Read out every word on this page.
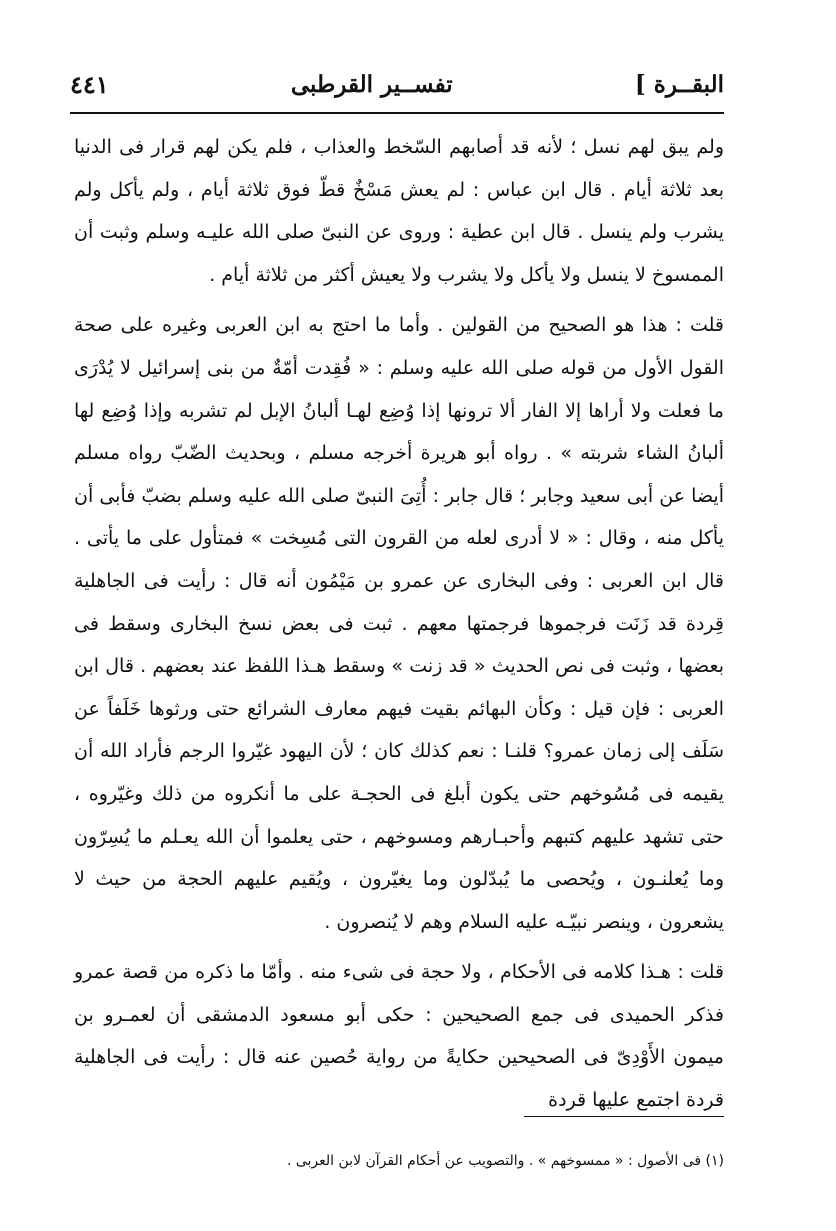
البقــرة ]
تفســير القرطبى
٤٤١

ولم يبق لهم نسل ؛ لأنه قد أصابهم السّخط والعذاب ، فلم يكن لهم قرار فى الدنيا بعد ثلاثة أيام . قال ابن عباس : لم يعش مَسْخٌ قطّ فوق ثلاثة أيام ، ولم يأكل ولم يشرب ولم ينسل . قال ابن عطية : وروى عن النبىّ صلى الله عليـه وسلم وثبت أن الممسوخ لا ينسل ولا يأكل ولا يشرب ولا يعيش أكثر من ثلاثة أيام .

قلت : هذا هو الصحيح من القولين . وأما ما احتج به ابن العربى وغيره على صحة القول الأول من قوله صلى الله عليه وسلم : « فُقِدت أمّةٌ من بنى إسرائيل لا يُدْرَى ما فعلت ولا أراها إلا الفار ألا ترونها إذا وُضِع لهـا ألبانُ الإبل لم تشربه وإذا وُضِع لها ألبانُ الشاء شربته » . رواه أبو هريرة أخرجه مسلم ، وبحديث الضّبّ رواه مسلم أيضا عن أبى سعيد وجابر ؛ قال جابر : أُتِىَ النبىّ صلى الله عليه وسلم بضبّ فأبى أن يأكل منه ، وقال : « لا أدرى لعله من القرون التى مُسِخت » فمتأول على ما يأتى . قال ابن العربى : وفى البخارى عن عمرو بن مَيْمُون أنه قال : رأيت فى الجاهلية قِردة قد زَنَت فرجموها فرجمتها معهم . ثبت فى بعض نسخ البخارى وسقط فى بعضها ، وثبت فى نص الحديث « قد زنت » وسقط هـذا اللفظ عند بعضهم . قال ابن العربى : فإن قيل : وكأن البهائم بقيت فيهم معارف الشرائع حتى ورثوها خَلَفاً عن سَلَف إلى زمان عمرو؟ قلنـا : نعم كذلك كان ؛ لأن اليهود غيّروا الرجم فأراد الله أن يقيمه فى مُسُوخهم حتى يكون أبلغ فى الحجـة على ما أنكروه من ذلك وغيّروه ، حتى تشهد عليهم كتبهم وأحبـارهم ومسوخهم ، حتى يعلموا أن الله يعـلم ما يُسِرّون وما يُعلنـون ، ويُحصى ما يُبدّلون وما يغيّرون ، ويُقيم عليهم الحجة من حيث لا يشعرون ، وينصر نبيّـه عليه السلام وهم لا يُنصرون .

قلت : هـذا كلامه فى الأحكام ، ولا حجة فى شىء منه . وأمّا ما ذكره من قصة عمرو فذكر الحميدى فى جمع الصحيحين : حكى أبو مسعود الدمشقى أن لعمـرو بن ميمون الأَوْدِىّ فى الصحيحين حكايةً من رواية حُصين عنه قال : رأيت فى الجاهلية قردة اجتمع عليها قردة

(١) فى الأصول : « ممسوخهم » . والتصويب عن أحكام القرآن لابن العربى .
